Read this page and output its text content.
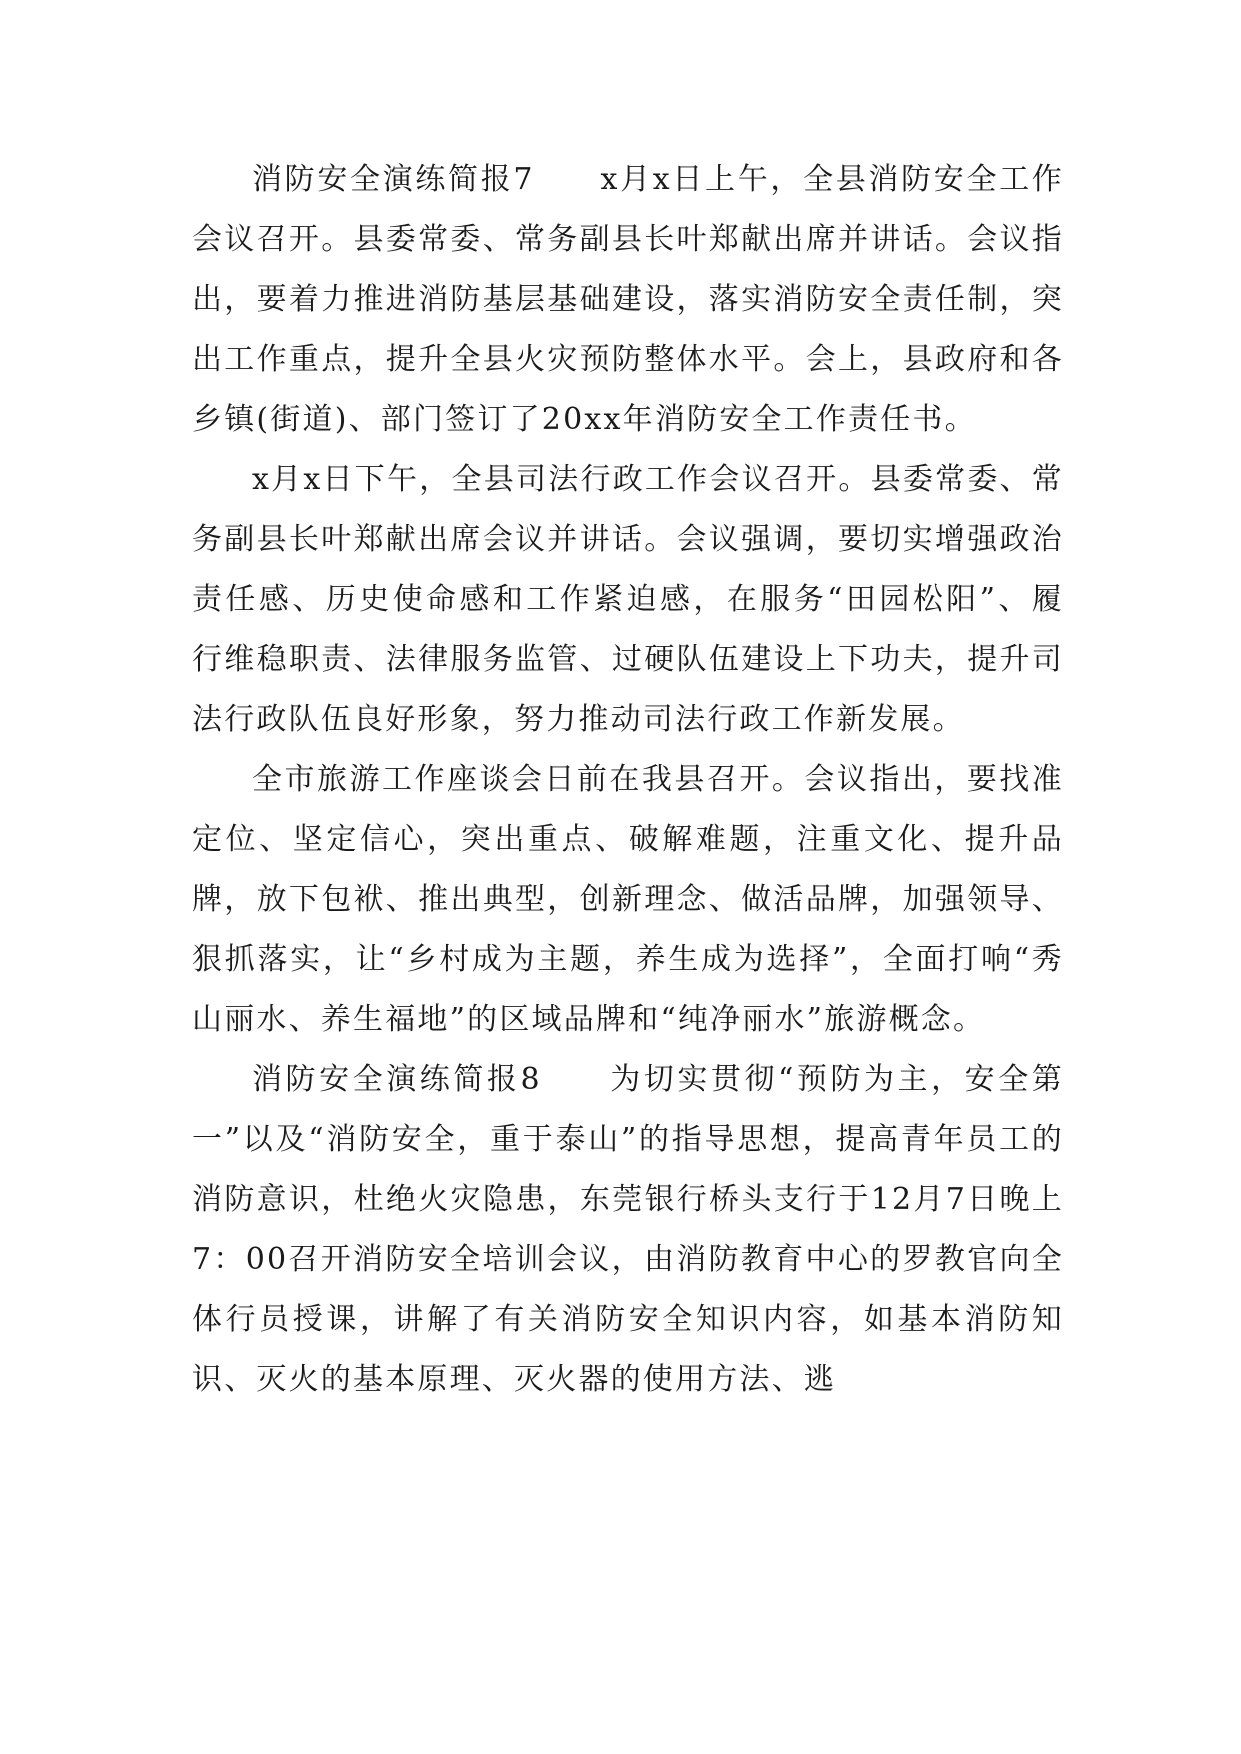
消防安全演练简报7　　x月x日上午，全县消防安全工作会议召开。县委常委、常务副县长叶郑献出席并讲话。会议指出，要着力推进消防基层基础建设，落实消防安全责任制，突出工作重点，提升全县火灾预防整体水平。会上，县政府和各乡镇(街道)、部门签订了20xx年消防安全工作责任书。

x月x日下午，全县司法行政工作会议召开。县委常委、常务副县长叶郑献出席会议并讲话。会议强调，要切实增强政治责任感、历史使命感和工作紧迫感，在服务“田园松阳”、履行维稳职责、法律服务监管、过硬队伍建设上下功夫，提升司法行政队伍良好形象，努力推动司法行政工作新发展。

全市旅游工作座谈会日前在我县召开。会议指出，要找准定位、坚定信心，突出重点、破解难题，注重文化、提升品牌，放下包袱、推出典型，创新理念、做活品牌，加强领导、狠抓落实，让“乡村成为主题，养生成为选择”，全面打响“秀山丽水、养生福地”的区域品牌和“纯净丽水”旅游概念。

消防安全演练简报8　　为切实贯彻“预防为主，安全第一”以及“消防安全，重于泰山”的指导思想，提高青年员工的消防意识，杜绝火灾隐患，东莞银行桥头支行于12月7日晚上7：00召开消防安全培训会议，由消防教育中心的罗教官向全体行员授课，讲解了有关消防安全知识内容，如基本消防知识、灭火的基本原理、灭火器的使用方法、逃
